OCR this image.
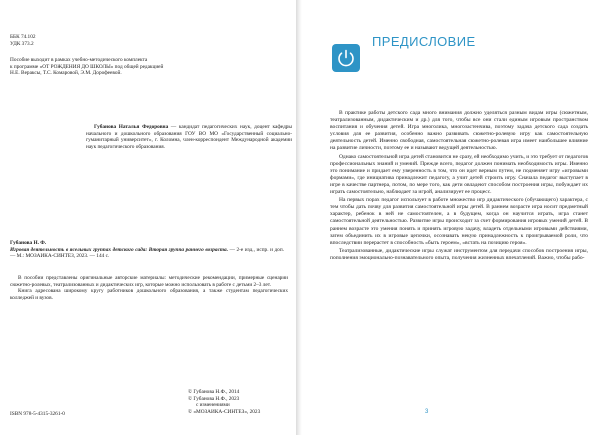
ББК 74.102
УДК 373.2
Пособие выходит в рамках учебно-методического комплекта
к программе «ОТ РОЖДЕНИЯ ДО ШКОЛЫ» под общей редакцией
Н.Е. Вераксы, Т.С. Комаровой, Э.М. Дорофеевой.
Губанова Наталья Федоровна — кандидат педагогических наук, доцент кафедры начального и дошкольного образования ГОУ ВО МО «Государственный социально-гуманитарный университет», г. Коломна, член-корреспондент Международной академии наук педагогического образования.
Губанова Н. Ф.
Игровая деятельность в ясельных группах детского сада: Вторая группа раннего возраста. — 2-е изд., испр. и доп. — М.: МОЗАИКА-СИНТЕЗ, 2023. — 144 с.

В пособии представлены оригинальные авторские материалы: методические рекомендации, примерные сценарии сюжетно-ролевых, театрализованных и дидактических игр, которые можно использовать в работе с детьми 2–3 лет.

Книга адресована широкому кругу работников дошкольного образования, а также студентам педагогических колледжей и вузов.

© Губанова Н.Ф., 2014
© Губанова Н.Ф., 2023
с изменениями
© «МОЗАИКА-СИНТЕЗ», 2023
ISBN 978-5-4315-3261-0
ПРЕДИСЛОВИЕ

В практике работы детского сада много внимания должно уделяться разным видам игры (сюжетным, театрализованным, дидактическим и др.) для того, чтобы все они стали единым игровым пространством воспитания и обучения детей. Игра многолика, многозастенчива, поэтому задача детского сада создать условия для ее развития, особенно важно развивать сюжетно-ролевую игру как самостоятельную деятельность детей. Именно свободная, самостоятельная сюжетно-ролевая игра имеет наибольшее влияние на развитие личности, поэтому ее и называют ведущей деятельностью.

Однако самостоятельной игра детей становится не сразу, ей необходимо учить, и это требует от педагогов профессиональных знаний и умений. Прежде всего, педагог должен понимать необходимость игры. Именно это понимание и придает ему уверенность в том, что он идет верным путем, не подменяет игру «игровыми формами», где инициатива принадлежит педагогу, а учит детей строить игру. Сначала педагог выступает в игре в качестве партнера, потом, по мере того, как дети овладеют способом построения игры, побуждает их играть самостоятельно, наблюдает за игрой, анализирует ее процесс.

На первых порах педагог использует в работе множество игр дидактического (обучающего) характера, с тем чтобы дать почву для развития самостоятельной игры детей. В раннем возрасте игра носит предметный характер, ребенок в ней не самостоятелен, а в будущем, когда он научится играть, игра станет самостоятельной деятельностью. Развитие игры происходит за счет формирования игровых умений детей. В раннем возрасте это умения понять и принять игровую задачу, владеть отдельными игровыми действиями, затем объединить их в игровые цепочки, осознавать некую принадлежность к проигрываемой роли, что впоследствии перерастет в способность «быть героем», «встать на позицию героя».

Театрализованные, дидактические игры служат инструментом для передачи способов построения игры, пополнения эмоционально-познавательного опыта, получения жизненных впечатлений. Важно, чтобы рабо-

3
